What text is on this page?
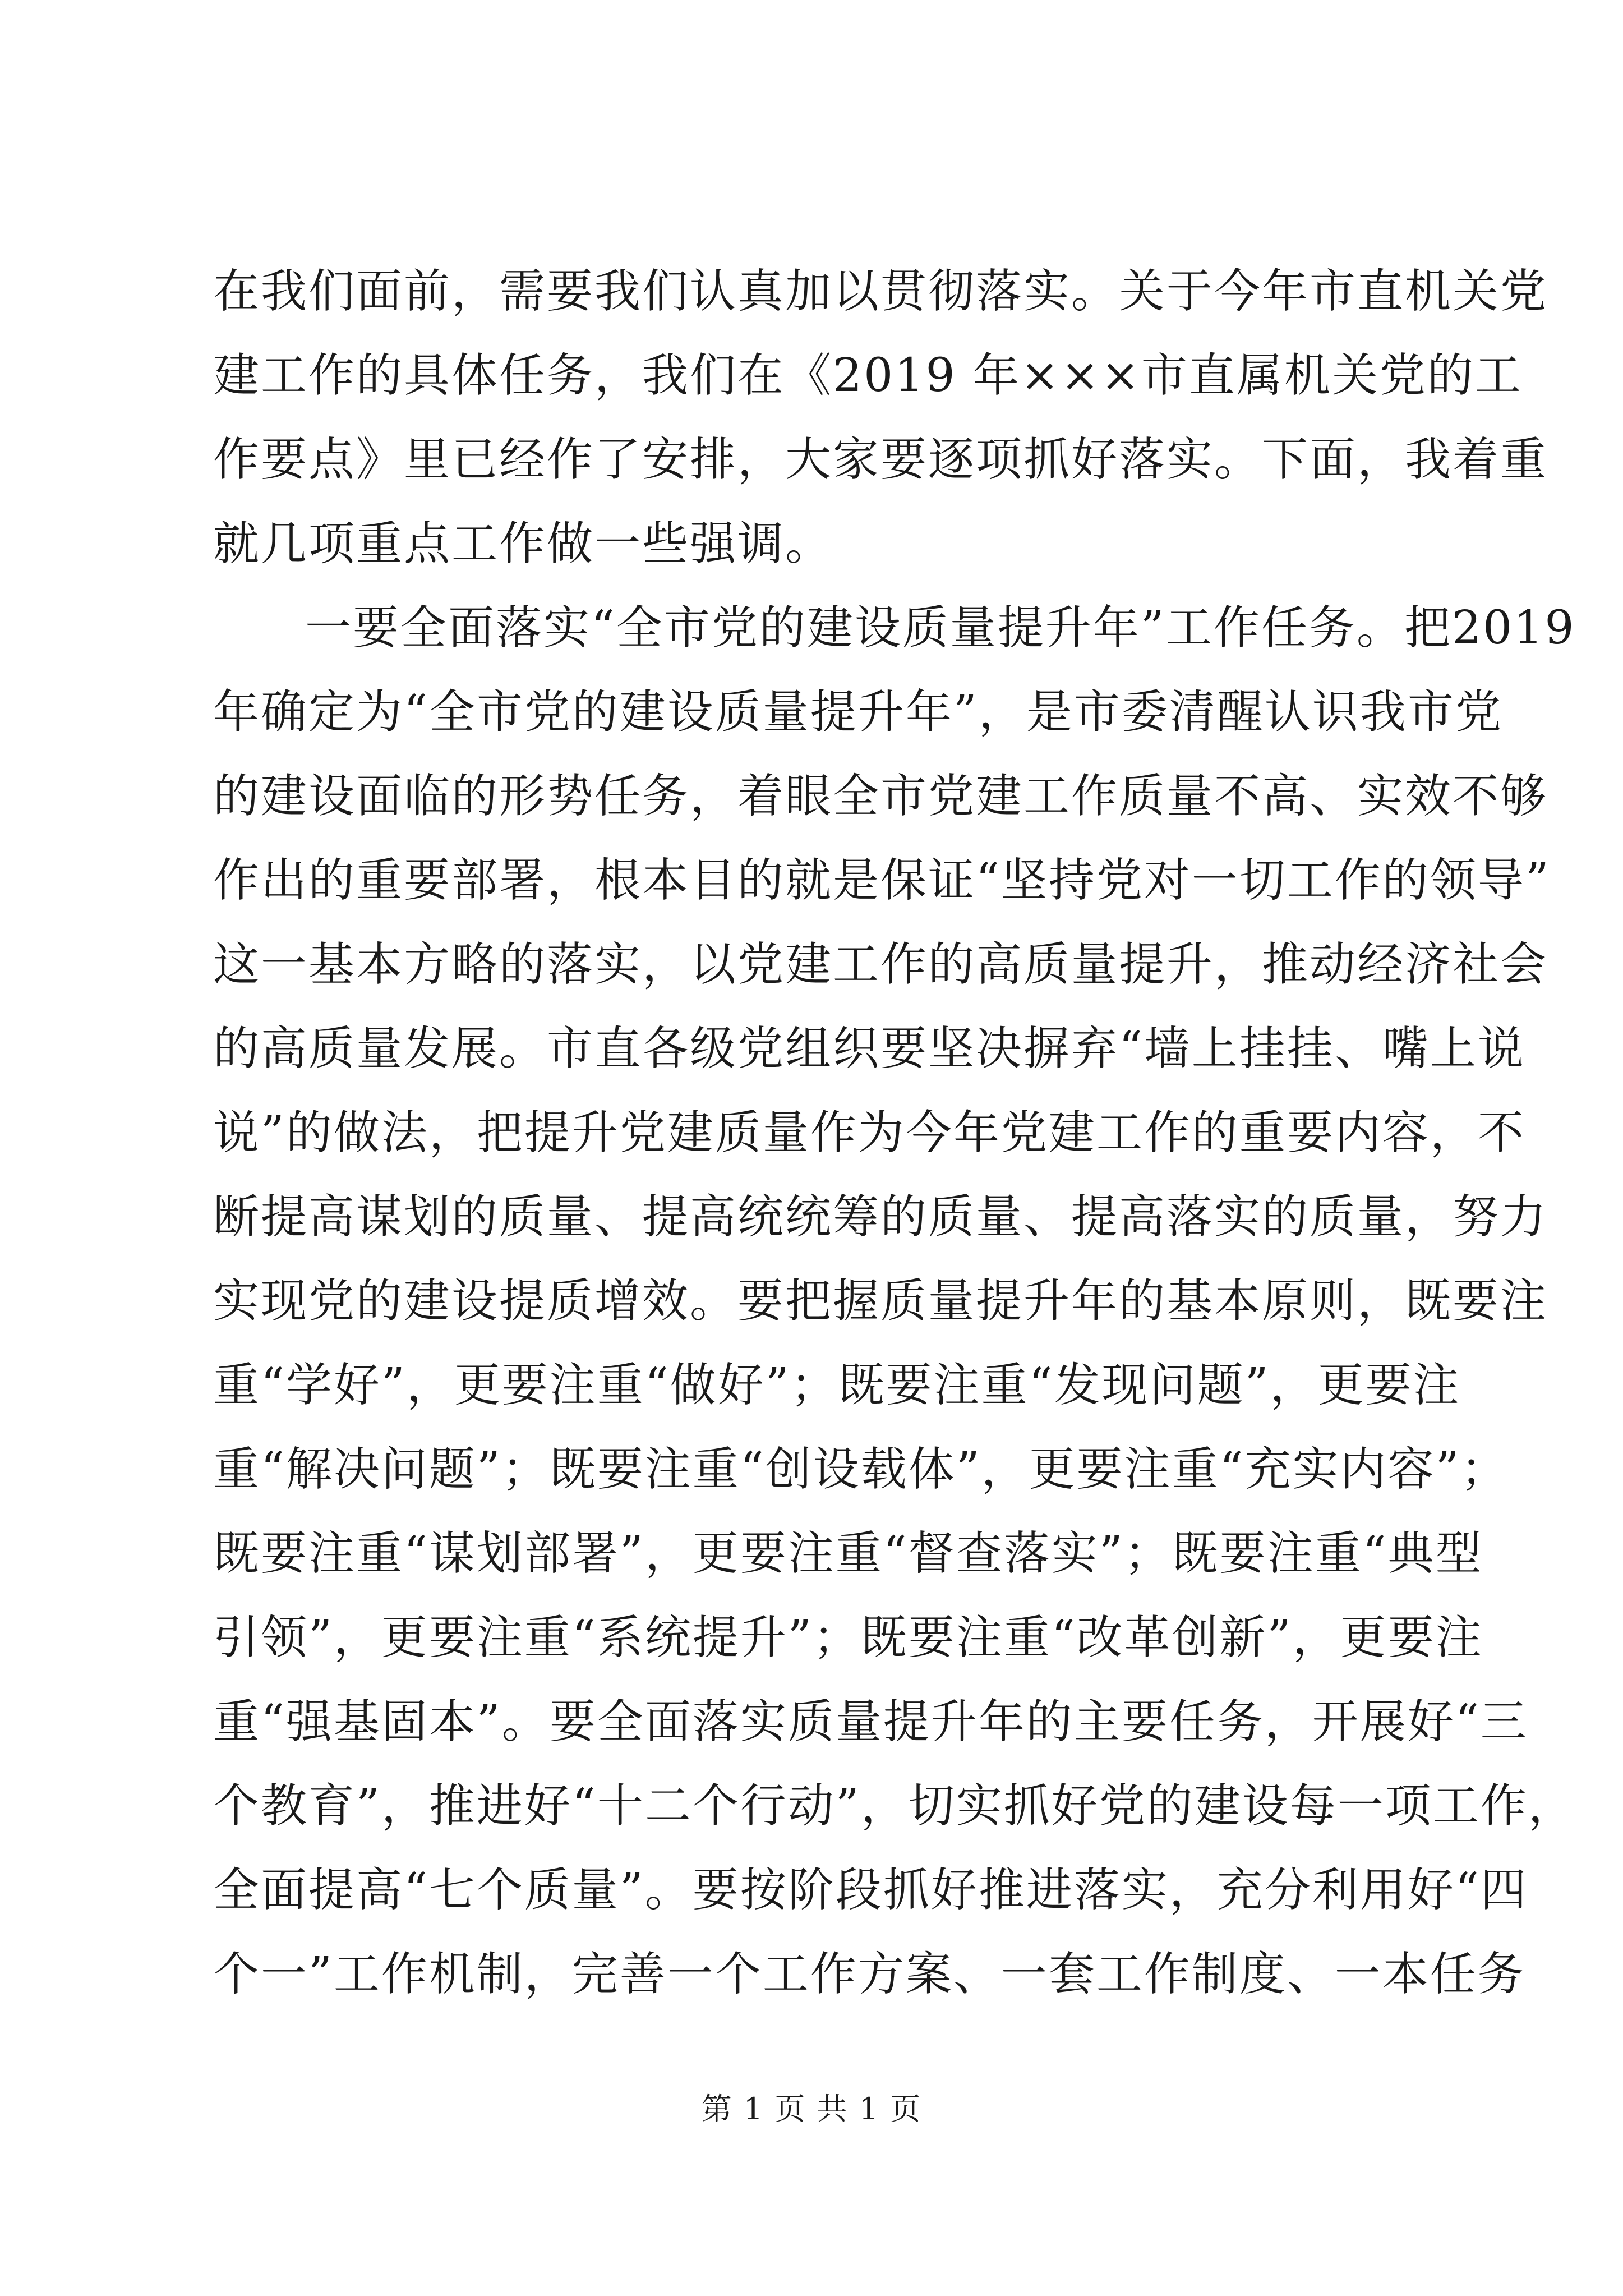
在我们面前，需要我们认真加以贯彻落实。关于今年市直机关党
建工作的具体任务，我们在《2019 年×××市直属机关党的工
作要点》里已经作了安排，大家要逐项抓好落实。下面，我着重
就几项重点工作做一些强调。
一要全面落实“全市党的建设质量提升年”工作任务。把2019
年确定为“全市党的建设质量提升年”，是市委清醒认识我市党
的建设面临的形势任务，着眼全市党建工作质量不高、实效不够
作出的重要部署，根本目的就是保证“坚持党对一切工作的领导”
这一基本方略的落实，以党建工作的高质量提升，推动经济社会
的高质量发展。市直各级党组织要坚决摒弃“墙上挂挂、嘴上说
说”的做法，把提升党建质量作为今年党建工作的重要内容，不
断提高谋划的质量、提高统统筹的质量、提高落实的质量，努力
实现党的建设提质增效。要把握质量提升年的基本原则，既要注
重“学好”，更要注重“做好”；既要注重“发现问题”，更要注
重“解决问题”；既要注重“创设载体”，更要注重“充实内容”；
既要注重“谋划部署”，更要注重“督查落实”；既要注重“典型
引领”，更要注重“系统提升”；既要注重“改革创新”，更要注
重“强基固本”。要全面落实质量提升年的主要任务，开展好“三
个教育”，推进好“十二个行动”，切实抓好党的建设每一项工作，
全面提高“七个质量”。要按阶段抓好推进落实，充分利用好“四
个一”工作机制，完善一个工作方案、一套工作制度、一本任务
第 1 页 共 1 页
